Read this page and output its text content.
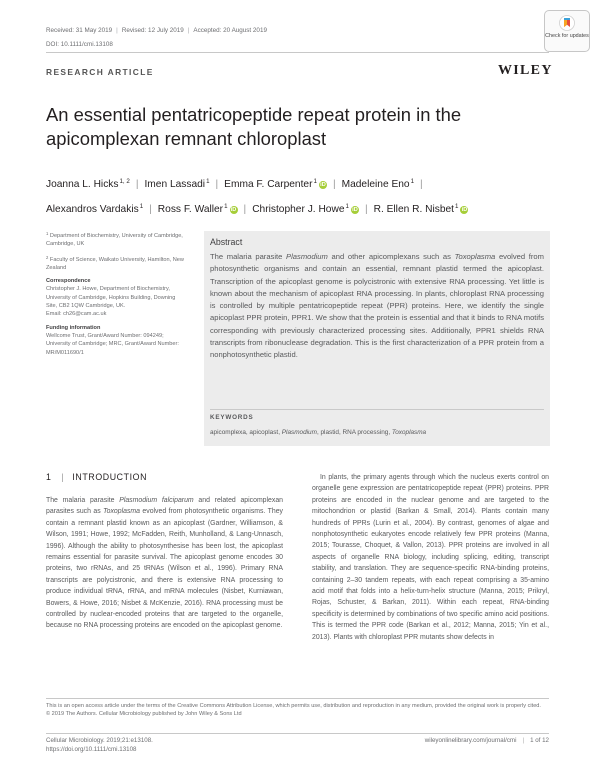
Received: 31 May 2019 | Revised: 12 July 2019 | Accepted: 20 August 2019
DOI: 10.1111/cmi.13108
Check for updates
RESEARCH ARTICLE	WILEY
An essential pentatricopeptide repeat protein in the apicomplexan remnant chloroplast
Joanna L. Hicks$^{1, 2}$ | Imen Lassadi$^1$ | Emma F. Carpenter$^1$ iD | Madeleine Eno$^1$ |
Alexandros Vardakis$^1$ | Ross F. Waller$^1$ iD | Christopher J. Howe$^1$ iD | R. Ellen R. Nisbet$^1$ iD

$^1$ Department of Biochemistry, University of Cambridge, Cambridge, UK

$^2$ Faculty of Science, Waikato University, Hamilton, New Zealand

Correspondence

Christopher J. Howe, Department of Biochemistry, University of Cambridge, Hopkins Building, Downing Site, CB2 1QW Cambridge, UK.

Email: ch26@cam.ac.uk

Funding information

Wellcome Trust, Grant/Award Number: 094249; University of Cambridge; MRC, Grant/Award Number: MR/M011690/1

Abstract
The malaria parasite Plasmodium and other apicomplexans such as Toxoplasma evolved from photosynthetic organisms and contain an essential, remnant plastid termed the apicoplast. Transcription of the apicoplast genome is polycistronic with extensive RNA processing. Yet little is known about the mechanism of apicoplast RNA processing. In plants, chloroplast RNA processing is controlled by multiple pentatricopeptide repeat (PPR) proteins. Here, we identify the single apicoplast PPR protein, PPR1. We show that the protein is essential and that it binds to RNA motifs corresponding with previously characterized processing sites. Additionally, PPR1 shields RNA transcripts from ribonuclease degradation. This is the first characterization of a PPR protein from a nonphotosynthetic plastid.
KEYWORDS
apicomplexa, apicoplast, Plasmodium, plastid, RNA processing, Toxoplasma
1 | INTRODUCTION

The malaria parasite Plasmodium falciparum and related apicomplexan parasites such as Toxoplasma evolved from photosynthetic organisms. They contain a remnant plastid known as an apicoplast (Gardner, Williamson, & Wilson, 1991; Howe, 1992; McFadden, Reith, Munholland, & Lang-Unnasch, 1996). Although the ability to photosynthesise has been lost, the apicoplast remains essential for parasite survival. The apicoplast genome encodes 30 proteins, two rRNAs, and 25 tRNAs (Wilson et al., 1996). Primary RNA transcripts are polycistronic, and there is extensive RNA processing to produce individual tRNA, rRNA, and mRNA molecules (Nisbet, Kurniawan, Bowers, & Howe, 2016; Nisbet & McKenzie, 2016). RNA processing must be controlled by nuclear-encoded proteins that are targeted to the organelle, because no RNA processing proteins are encoded on the apicoplast genome.

In plants, the primary agents through which the nucleus exerts control on organelle gene expression are pentatricopeptide repeat (PPR) proteins. PPR proteins are encoded in the nuclear genome and are targeted to the mitochondrion or plastid (Barkan & Small, 2014). Plants contain many hundreds of PPRs (Lurin et al., 2004). By contrast, genomes of algae and nonphotosynthetic eukaryotes encode relatively few PPR proteins (Manna, 2015; Tourasse, Choquet, & Vallon, 2013). PPR proteins are involved in all aspects of organelle RNA biology, including splicing, editing, transcript stability, and translation. They are sequence-specific RNA-binding proteins, containing 2–30 tandem repeats, with each repeat comprising a 35-amino acid motif that folds into a helix-turn-helix structure (Manna, 2015; Prikryl, Rojas, Schuster, & Barkan, 2011). Within each repeat, RNA-binding specificity is determined by combinations of two specific amino acid positions. This is termed the PPR code (Barkan et al., 2012; Manna, 2015; Yin et al., 2013). Plants with chloroplast PPR mutants show defects in

This is an open access article under the terms of the Creative Commons Attribution License, which permits use, distribution and reproduction in any medium, provided the original work is properly cited.
© 2019 The Authors. Cellular Microbiology published by John Wiley & Sons Ltd
Cellular Microbiology. 2019;21:e13108.
https://doi.org/10.1111/cmi.13108
wileyonlinelibrary.com/journal/cmi | 1 of 12
